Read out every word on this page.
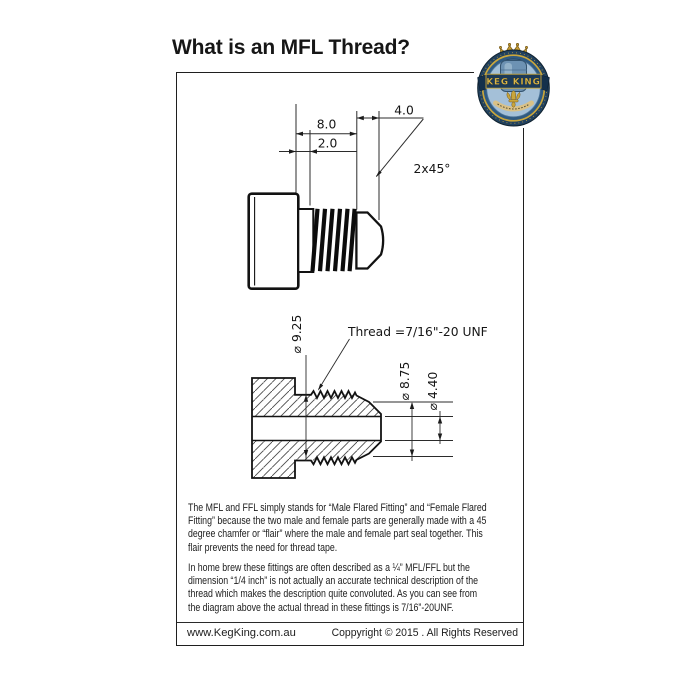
What is an MFL Thread?
8.0
2.0
4.0
2x45°
⌀ 9.25	Thread =7/16"-20 UNF
⌀ 8.75 ⌀ 4.40
The MFL and FFL simply stands for “Male Flared Fitting” and “Female Flared
Fitting” because the two male and female parts are generally made with a 45
degree chamfer or “flair” where the male and female part seal together. This
flair prevents the need for thread tape.
In home brew these fittings are often described as a ¼” MFL/FFL but the
dimension “1/4 inch” is not actually an accurate technical description of the
thread which makes the description quite convoluted. As you can see from
the diagram above the actual thread in these fittings is 7/16”-20UNF.
www.KegKing.com.au	Coppyright © 2015 . All Rights Reserved
KEG KING
